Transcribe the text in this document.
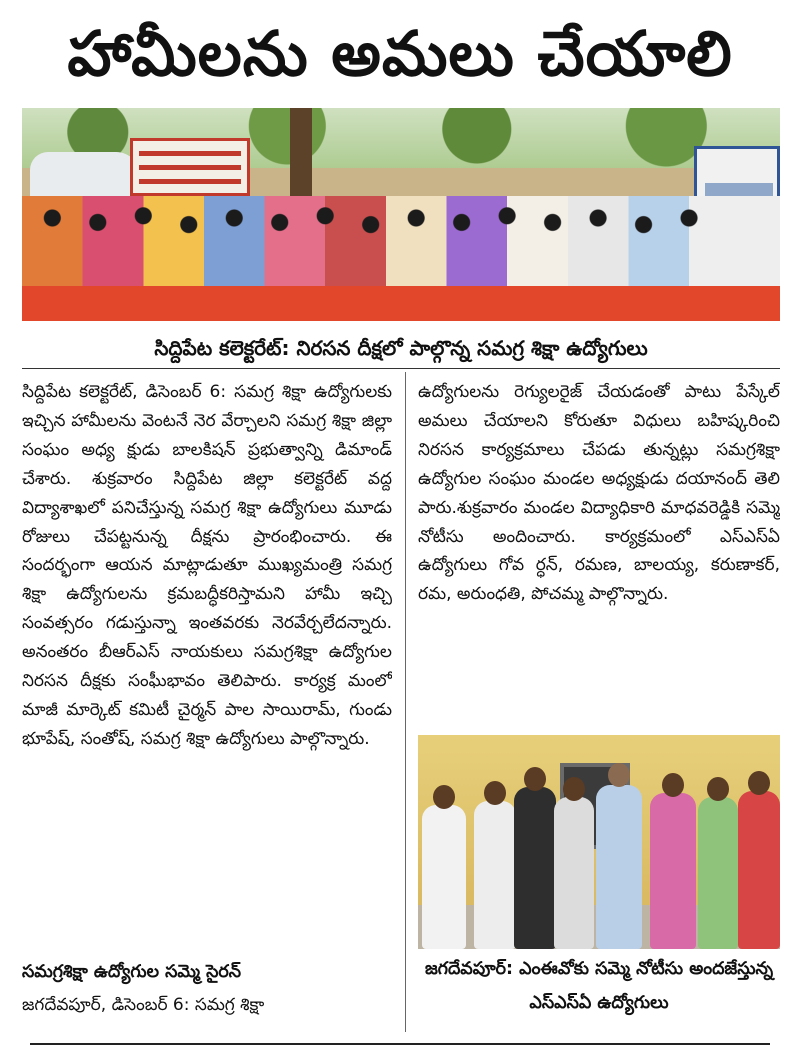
హామీలను అమలు చేయాలి
సిద్దిపేట కలెక్టరేట్: నిరసన దీక్షలో పాల్గొన్న సమగ్ర శిక్షా ఉద్యోగులు
సిద్దిపేట కలెక్టరేట్, డిసెంబర్ 6: సమగ్ర శిక్షా ఉద్యోగులకు ఇచ్చిన హామీలను వెంటనే నెర వేర్చాలని సమగ్ర శిక్షా జిల్లా సంఘం అధ్య క్షుడు బాలకిషన్ ప్రభుత్వాన్ని డిమాండ్ చేశారు. శుక్రవారం సిద్దిపేట జిల్లా కలెక్టరేట్ వద్ద విద్యాశాఖలో పనిచేస్తున్న సమగ్ర శిక్షా ఉద్యోగులు మూడు రోజులు చేపట్టనున్న దీక్షను ప్రారంభించారు. ఈ సందర్భంగా ఆయన మాట్లాడుతూ ముఖ్యమంత్రి సమగ్ర శిక్షా ఉద్యోగులను క్రమబద్ధీకరిస్తామని హామీ ఇచ్చి సంవత్సరం గడుస్తున్నా ఇంతవరకు నెరవేర్చలేదన్నారు. అనంతరం బీఆర్ఎస్ నాయకులు సమగ్రశిక్షా ఉద్యోగుల నిరసన దీక్షకు సంఘీభావం తెలిపారు. కార్యక్ర మంలో మాజీ మార్కెట్ కమిటీ చైర్మన్ పాల సాయిరామ్, గుండు భూపేష్, సంతోష్, సమగ్ర శిక్షా ఉద్యోగులు పాల్గొన్నారు.
సమగ్రశిక్షా ఉద్యోగుల సమ్మె సైరన్
జగదేవపూర్, డిసెంబర్ 6: సమగ్ర శిక్షా
ఉద్యోగులను రెగ్యులరైజ్ చేయడంతో పాటు పేస్కేల్ అమలు చేయాలని కోరుతూ విధులు బహిష్కరించి నిరసన కార్యక్రమాలు చేపడు తున్నట్లు సమగ్రశిక్షా ఉద్యోగుల సంఘం మండల అధ్యక్షుడు దయానంద్ తెలి పారు.శుక్రవారం మండల విద్యాధికారి మాధవరెడ్డికి సమ్మె నోటీసు అందించారు. కార్యక్రమంలో ఎస్ఎస్ఏ ఉద్యోగులు గోవ ర్ధన్, రమణ, బాలయ్య, కరుణాకర్, రమ, అరుంధతి, పోచమ్మ పాల్గొన్నారు.
జగదేవపూర్: ఎంఈవోకు సమ్మె నోటీసు అందజేస్తున్న ఎస్ఎస్ఏ ఉద్యోగులు
